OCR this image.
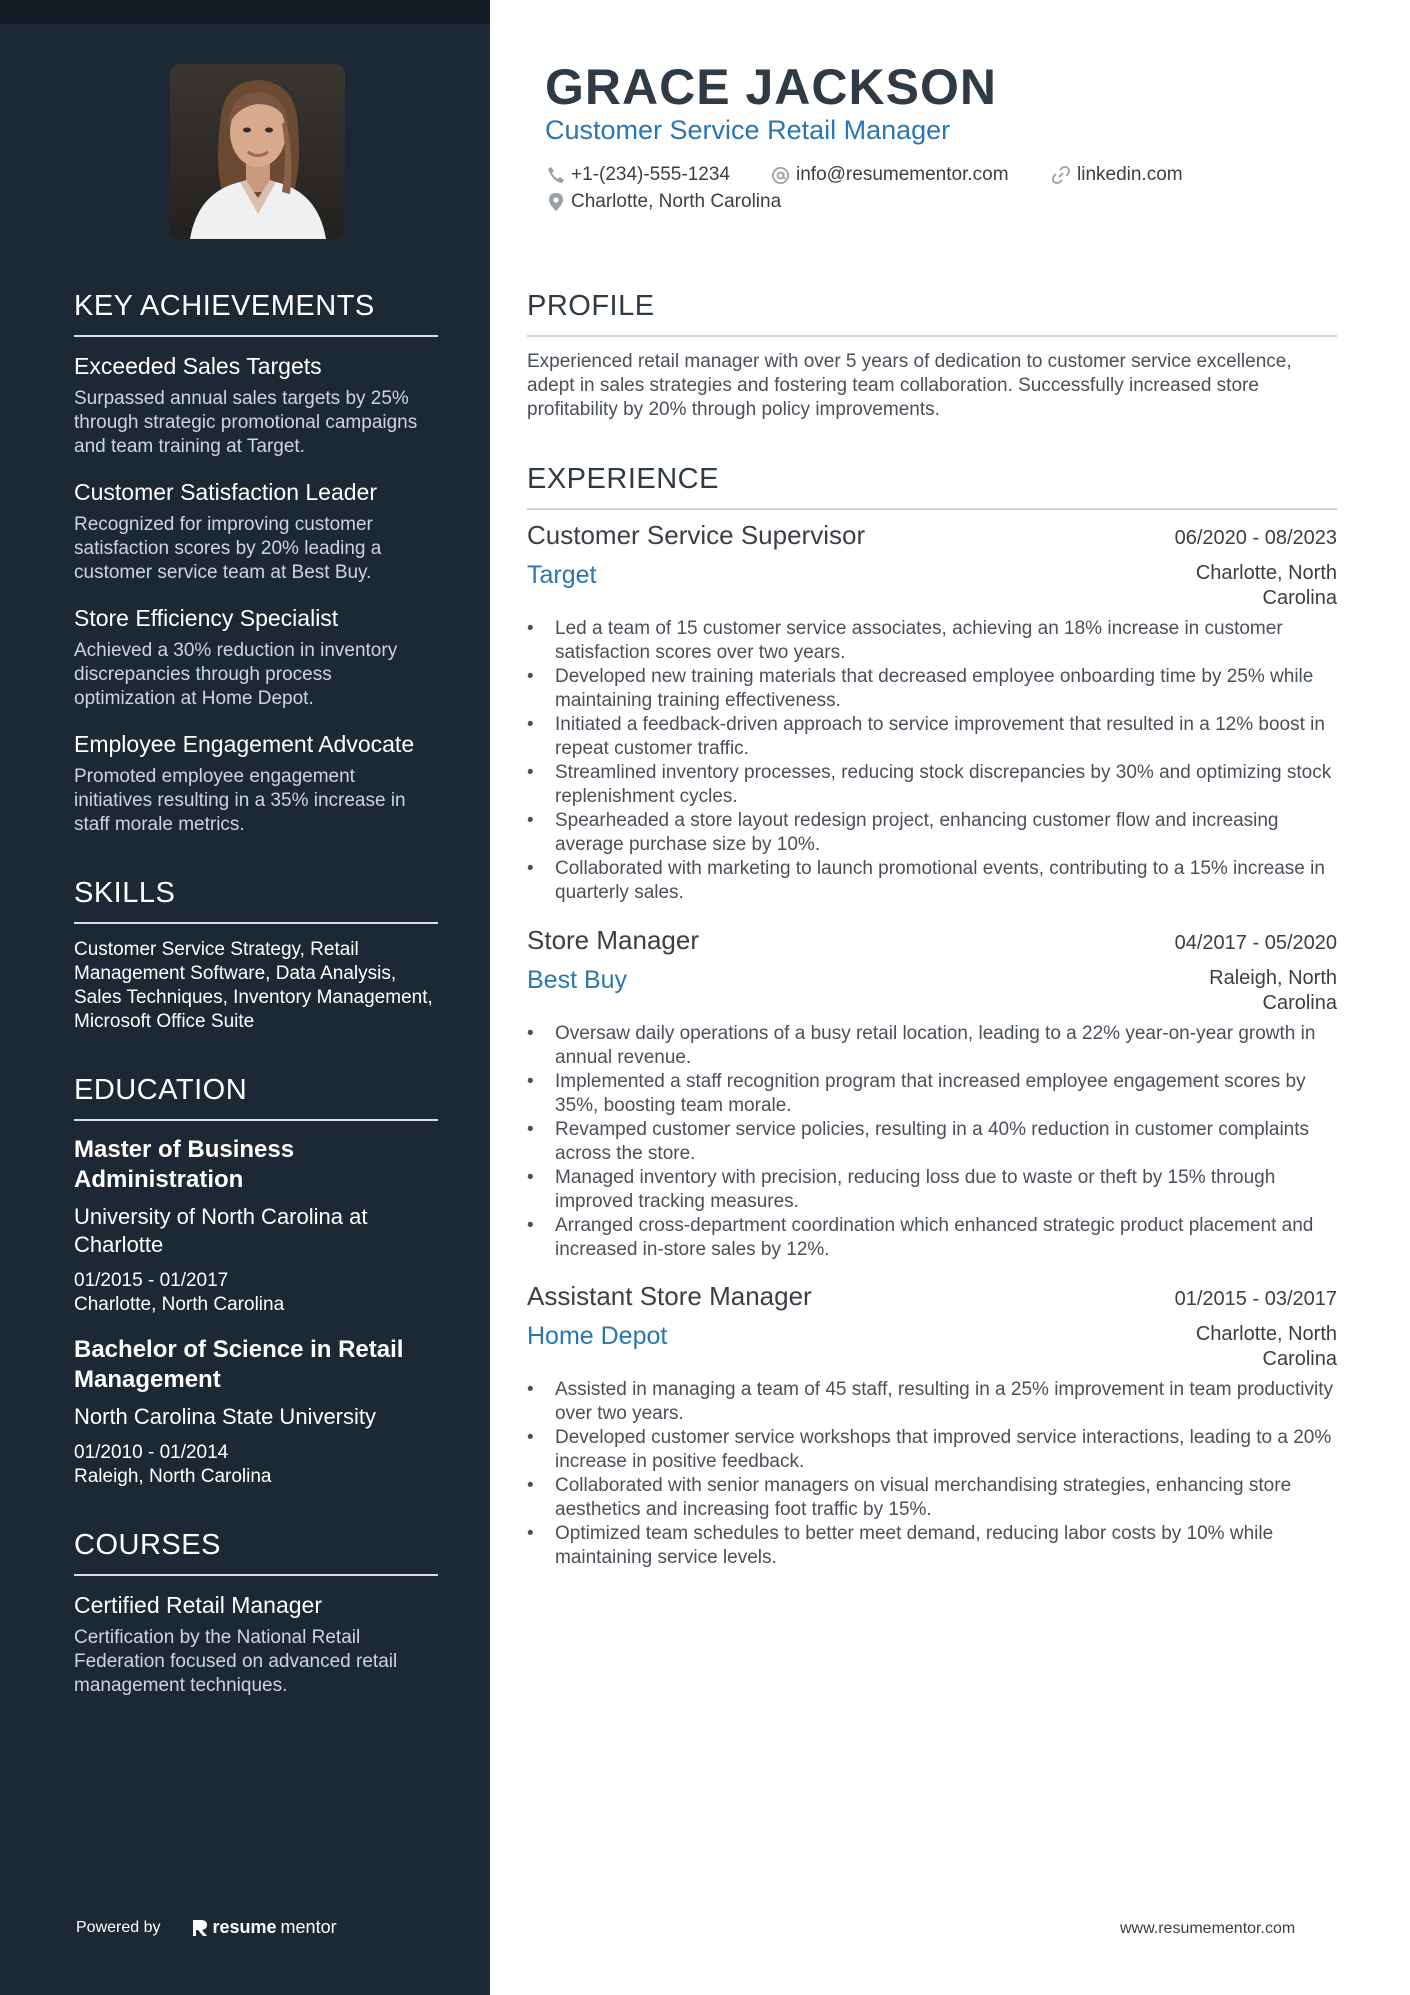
KEY ACHIEVEMENTS
Exceeded Sales Targets
Surpassed annual sales targets by 25% through strategic promotional campaigns and team training at Target.
Customer Satisfaction Leader
Recognized for improving customer satisfaction scores by 20% leading a customer service team at Best Buy.
Store Efficiency Specialist
Achieved a 30% reduction in inventory discrepancies through process optimization at Home Depot.
Employee Engagement Advocate
Promoted employee engagement initiatives resulting in a 35% increase in staff morale metrics.
SKILLS
Customer Service Strategy, Retail Management Software, Data Analysis, Sales Techniques, Inventory Management, Microsoft Office Suite
EDUCATION
Master of Business Administration
University of North Carolina at Charlotte
01/2015 - 01/2017
Charlotte, North Carolina
Bachelor of Science in Retail Management
North Carolina State University
01/2010 - 01/2014
Raleigh, North Carolina
COURSES
Certified Retail Manager
Certification by the National Retail Federation focused on advanced retail management techniques.
Powered by	resume mentor
GRACE JACKSON
Customer Service Retail Manager
+1-(234)-555-1234	info@resumementor.com	linkedin.com
Charlotte, North Carolina
PROFILE
Experienced retail manager with over 5 years of dedication to customer service excellence, adept in sales strategies and fostering team collaboration. Successfully increased store profitability by 20% through policy improvements.
EXPERIENCE
Customer Service Supervisor	06/2020 - 08/2023
Target	Charlotte, North Carolina
• Led a team of 15 customer service associates, achieving an 18% increase in customer satisfaction scores over two years.
• Developed new training materials that decreased employee onboarding time by 25% while maintaining training effectiveness.
• Initiated a feedback-driven approach to service improvement that resulted in a 12% boost in repeat customer traffic.
• Streamlined inventory processes, reducing stock discrepancies by 30% and optimizing stock replenishment cycles.
• Spearheaded a store layout redesign project, enhancing customer flow and increasing average purchase size by 10%.
• Collaborated with marketing to launch promotional events, contributing to a 15% increase in quarterly sales.
Store Manager	04/2017 - 05/2020
Best Buy	Raleigh, North Carolina
• Oversaw daily operations of a busy retail location, leading to a 22% year-on-year growth in annual revenue.
• Implemented a staff recognition program that increased employee engagement scores by 35%, boosting team morale.
• Revamped customer service policies, resulting in a 40% reduction in customer complaints across the store.
• Managed inventory with precision, reducing loss due to waste or theft by 15% through improved tracking measures.
• Arranged cross-department coordination which enhanced strategic product placement and increased in-store sales by 12%.
Assistant Store Manager	01/2015 - 03/2017
Home Depot	Charlotte, North Carolina
• Assisted in managing a team of 45 staff, resulting in a 25% improvement in team productivity over two years.
• Developed customer service workshops that improved service interactions, leading to a 20% increase in positive feedback.
• Collaborated with senior managers on visual merchandising strategies, enhancing store aesthetics and increasing foot traffic by 15%.
• Optimized team schedules to better meet demand, reducing labor costs by 10% while maintaining service levels.
www.resumementor.com
